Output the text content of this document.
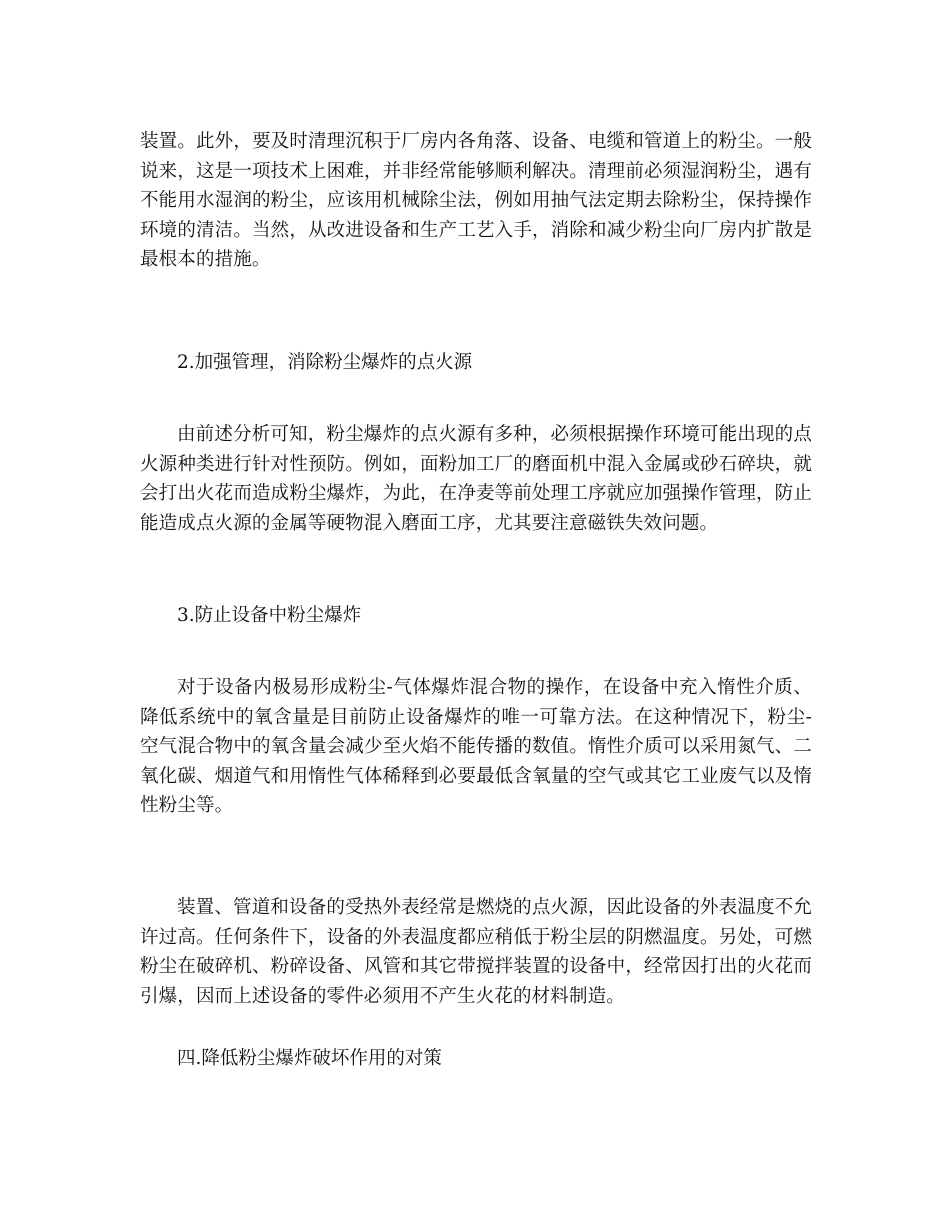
装置。此外，要及时清理沉积于厂房内各角落、设备、电缆和管道上的粉尘。一般说来，这是一项技术上困难，并非经常能够顺利解决。清理前必须湿润粉尘，遇有不能用水湿润的粉尘，应该用机械除尘法，例如用抽气法定期去除粉尘，保持操作环境的清洁。当然，从改进设备和生产工艺入手，消除和减少粉尘向厂房内扩散是最根本的措施。

2.加强管理，消除粉尘爆炸的点火源

由前述分析可知，粉尘爆炸的点火源有多种，必须根据操作环境可能出现的点火源种类进行针对性预防。例如，面粉加工厂的磨面机中混入金属或砂石碎块，就会打出火花而造成粉尘爆炸，为此，在净麦等前处理工序就应加强操作管理，防止能造成点火源的金属等硬物混入磨面工序，尤其要注意磁铁失效问题。

3.防止设备中粉尘爆炸

对于设备内极易形成粉尘-气体爆炸混合物的操作，在设备中充入惰性介质、降低系统中的氧含量是目前防止设备爆炸的唯一可靠方法。在这种情况下，粉尘-空气混合物中的氧含量会减少至火焰不能传播的数值。惰性介质可以采用氮气、二氧化碳、烟道气和用惰性气体稀释到必要最低含氧量的空气或其它工业废气以及惰性粉尘等。

装置、管道和设备的受热外表经常是燃烧的点火源，因此设备的外表温度不允许过高。任何条件下，设备的外表温度都应稍低于粉尘层的阴燃温度。另处，可燃粉尘在破碎机、粉碎设备、风管和其它带搅拌装置的设备中，经常因打出的火花而引爆，因而上述设备的零件必须用不产生火花的材料制造。

四.降低粉尘爆炸破坏作用的对策
